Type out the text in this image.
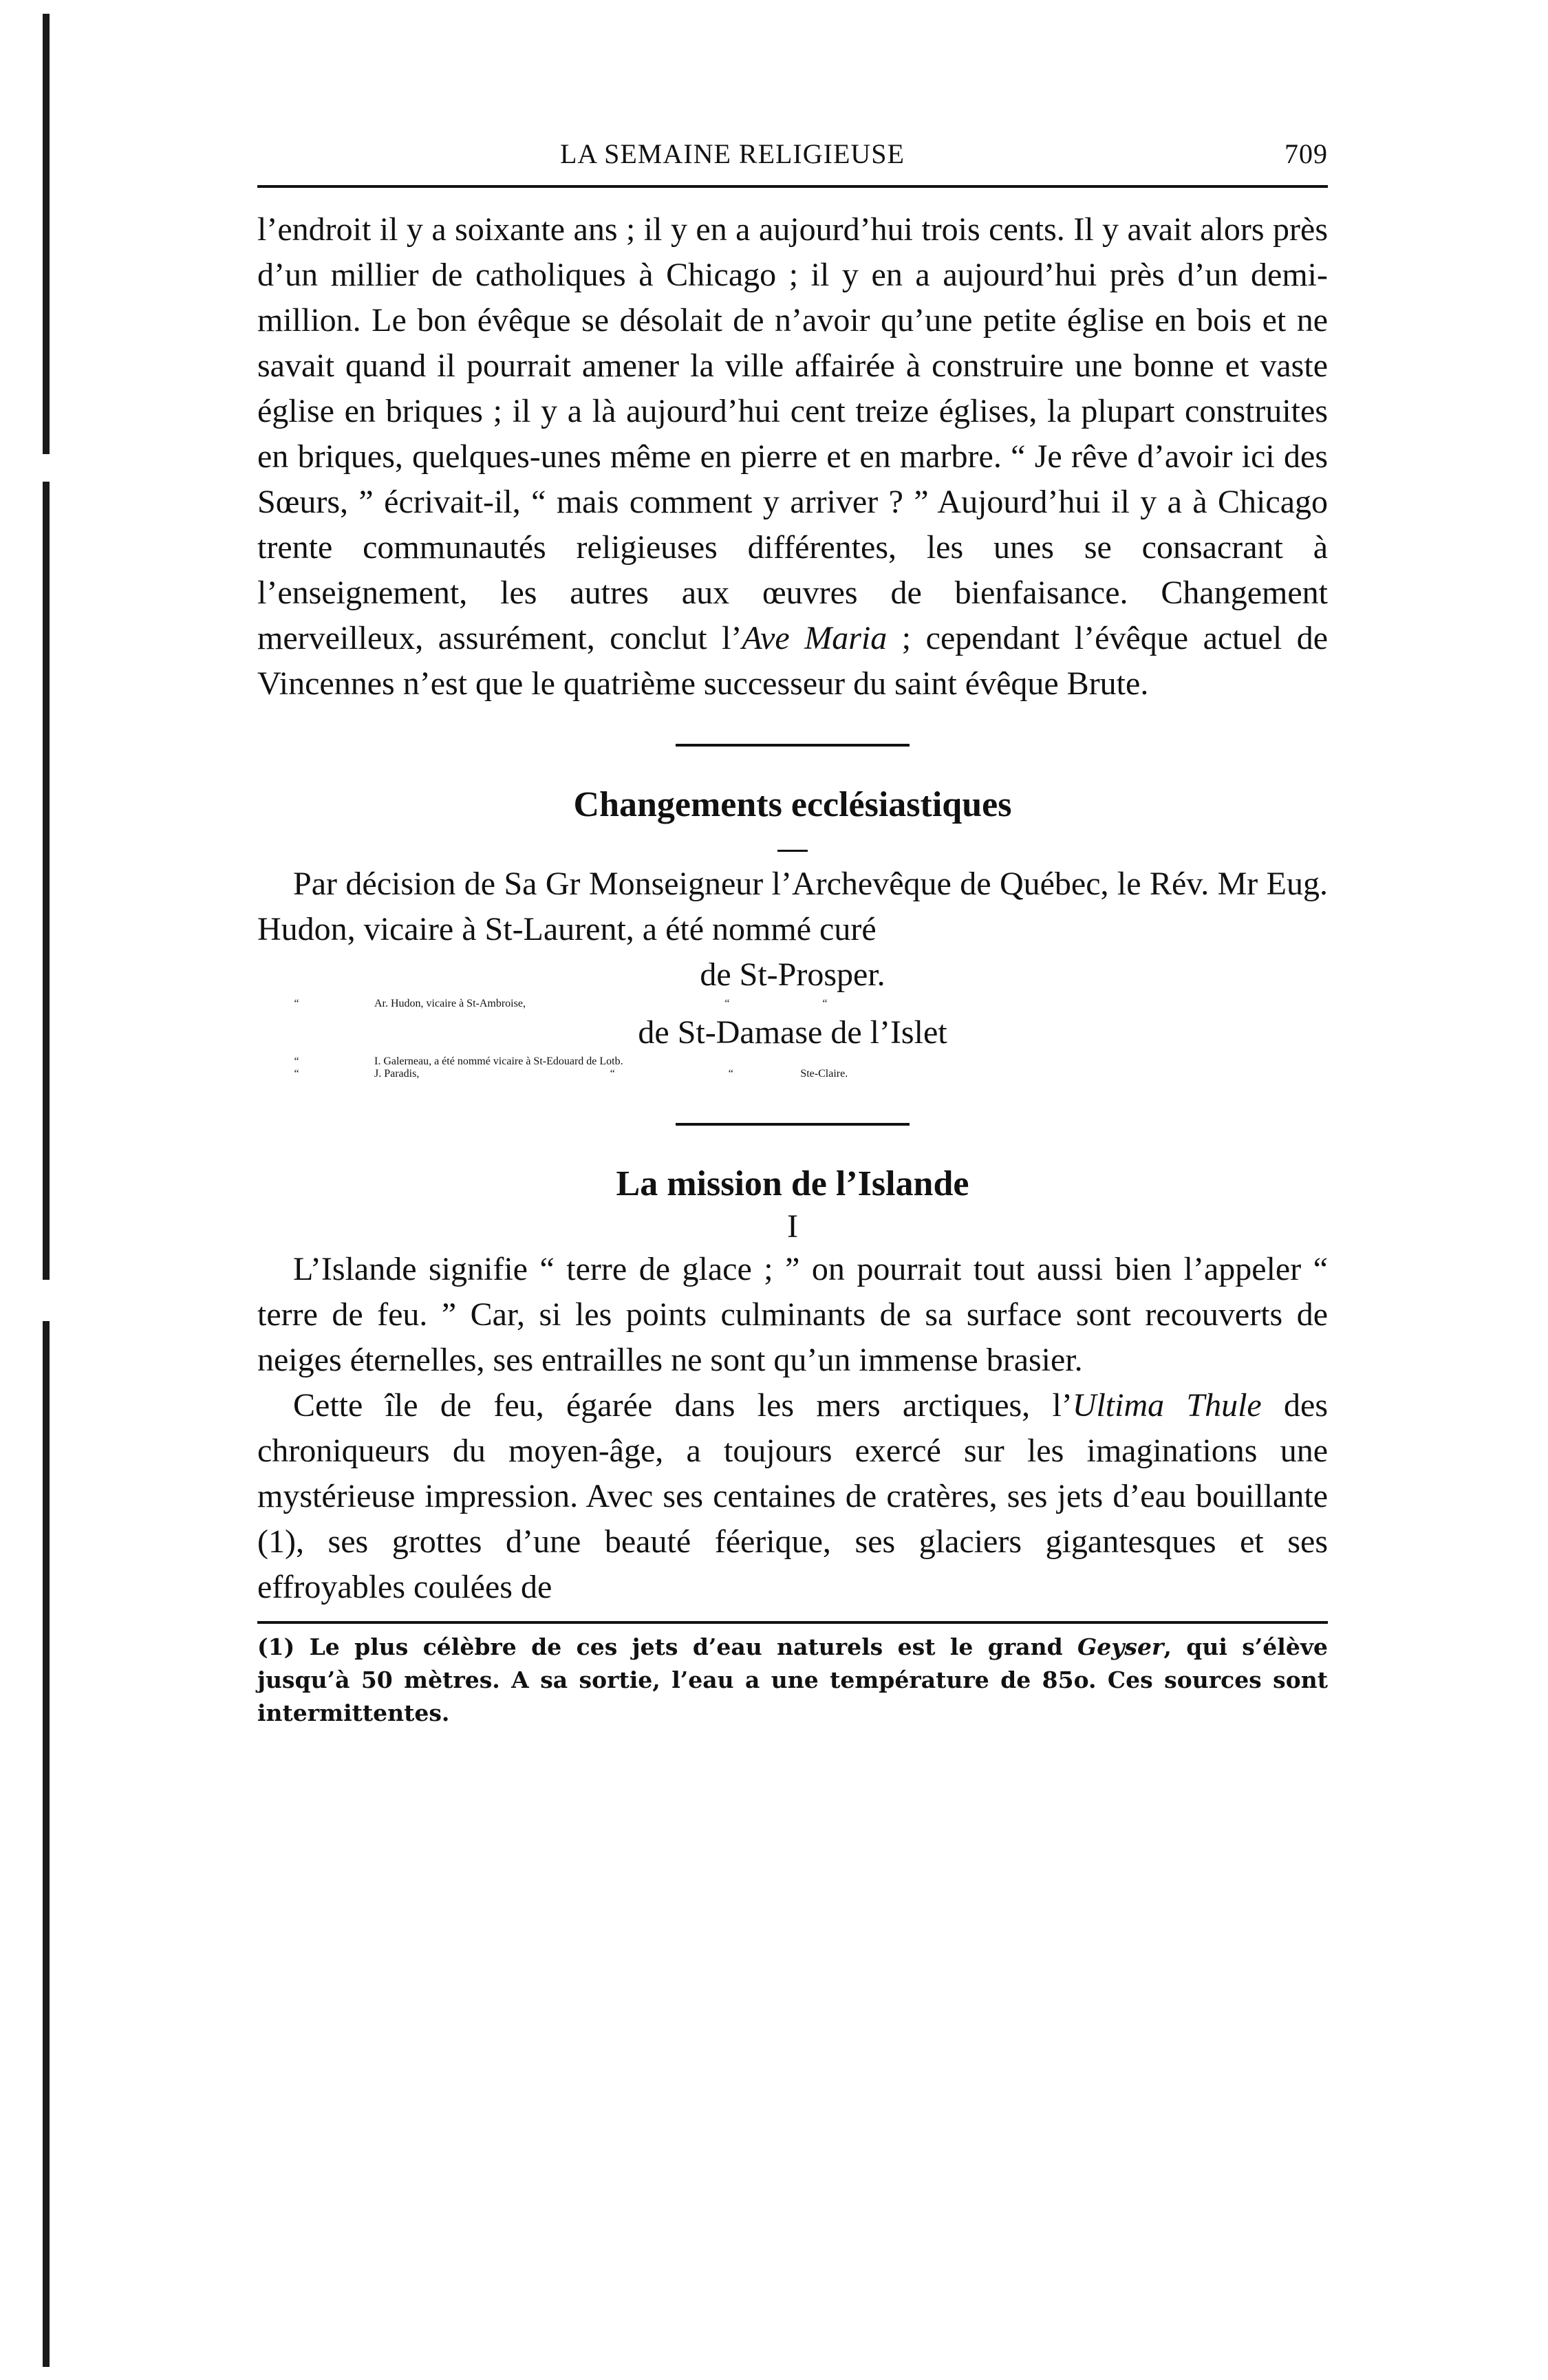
LA SEMAINE RELIGIEUSE	709

l’endroit il y a soixante ans ; il y en a aujourd’hui trois cents. Il y avait alors près d’un millier de catholiques à Chicago ; il y en a aujourd’hui près d’un demi-million. Le bon évêque se désolait de n’avoir qu’une petite église en bois et ne savait quand il pourrait amener la ville affairée à construire une bonne et vaste église en briques ; il y a là aujourd’hui cent treize églises, la plupart construites en briques, quelques-unes même en pierre et en marbre. “ Je rêve d’avoir ici des Sœurs, ” écrivait-il, “ mais comment y arriver ? ” Aujourd’hui il y a à Chicago trente communautés religieuses différentes, les unes se consacrant à l’enseignement, les autres aux œuvres de bienfaisance. Changement merveilleux, assurément, conclut l’Ave Maria ; cependant l’évêque actuel de Vincennes n’est que le quatrième successeur du saint évêque Brute.

Changements ecclésiastiques

Par décision de Sa Gr Monseigneur l’Archevêque de Québec, le Rév. Mr Eug. Hudon, vicaire à St-Laurent, a été nommé curé

de St-Prosper.

“	Ar. Hudon, vicaire à St-Ambroise,	“	“

de St-Damase de l’Islet

“	I. Galerneau, a été nommé vicaire à St-Edouard de Lotb.
“	J. Paradis,	“	“	Ste-Claire.
La mission de l’Islande
I

L’Islande signifie “ terre de glace ; ” on pourrait tout aussi bien l’appeler “ terre de feu. ” Car, si les points culminants de sa surface sont recouverts de neiges éternelles, ses entrailles ne sont qu’un immense brasier.

Cette île de feu, égarée dans les mers arctiques, l’Ultima Thule des chroniqueurs du moyen-âge, a toujours exercé sur les imaginations une mystérieuse impression. Avec ses centaines de cratères, ses jets d’eau bouillante (1), ses grottes d’une beauté féerique, ses glaciers gigantesques et ses effroyables coulées de

(1) Le plus célèbre de ces jets d’eau naturels est le grand Geyser, qui s’élève jusqu’à 50 mètres. A sa sortie, l’eau a une température de 85o. Ces sources sont intermittentes.
